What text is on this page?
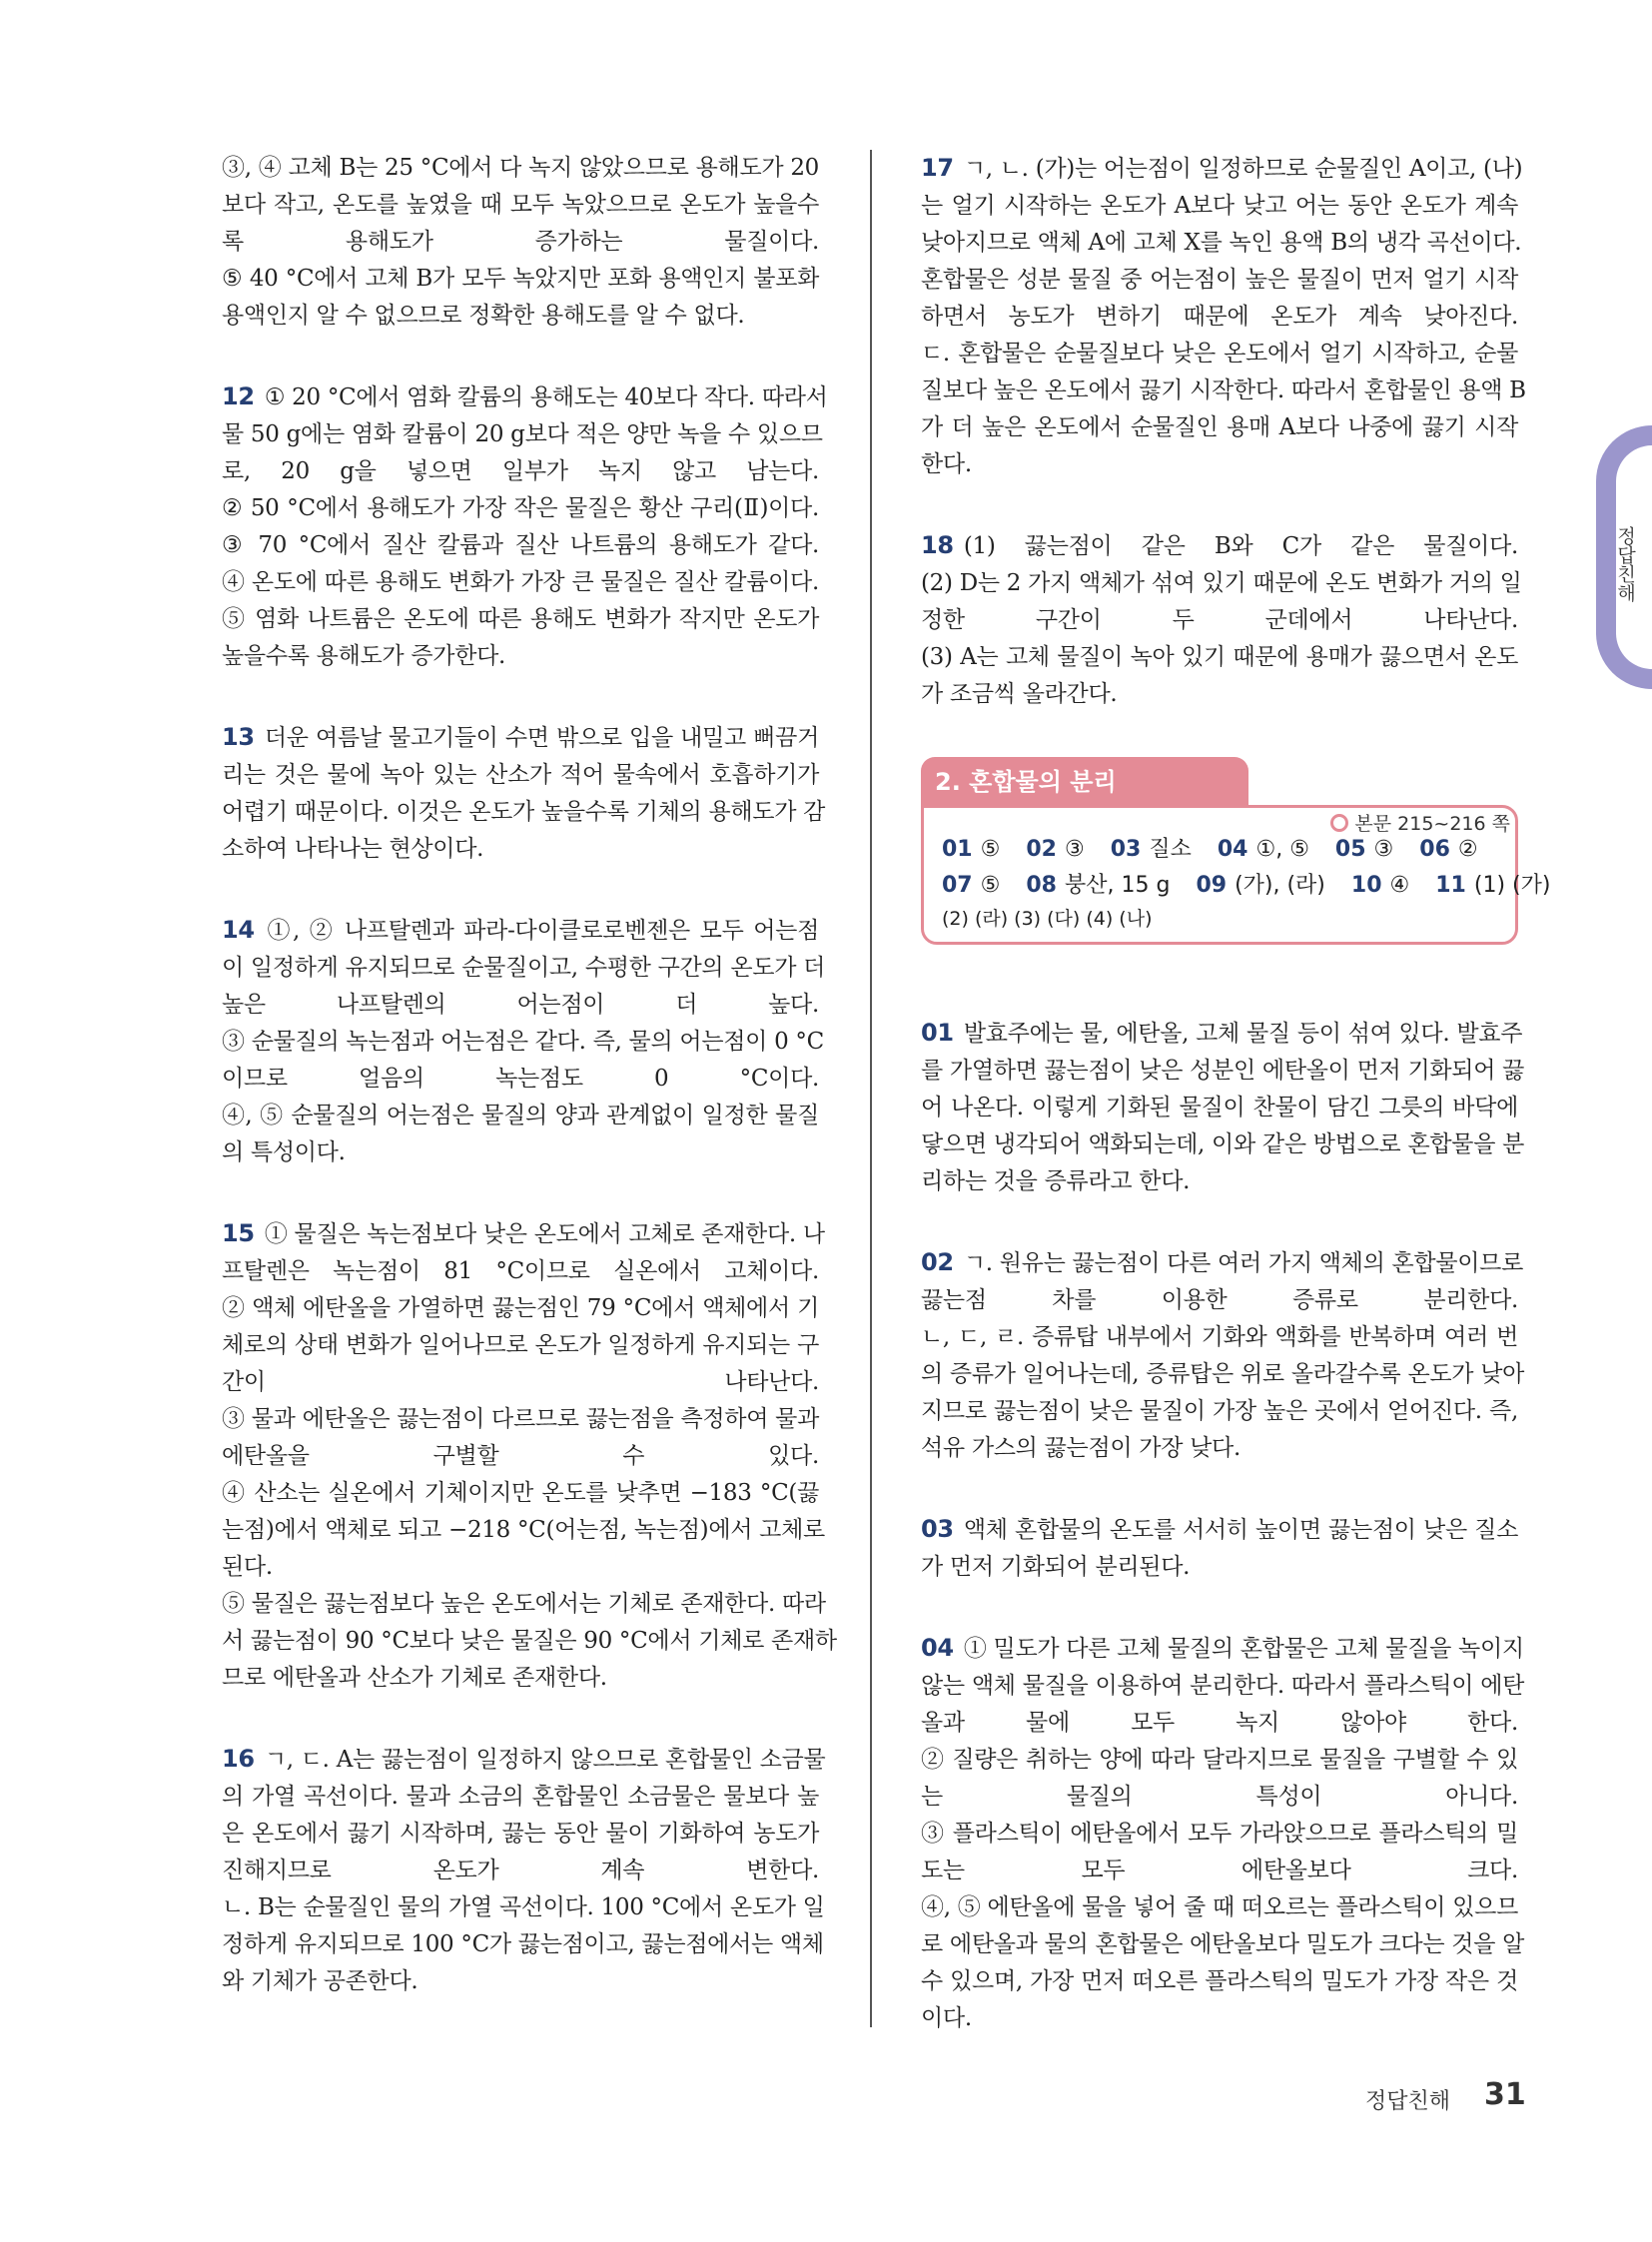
③, ④ 고체 B는 25 °C에서 다 녹지 않았으므로 용해도가 20
보다 작고, 온도를 높였을 때 모두 녹았으므로 온도가 높을수
록 용해도가 증가하는 물질이다.
⑤ 40 °C에서 고체 B가 모두 녹았지만 포화 용액인지 불포화
용액인지 알 수 없으므로 정확한 용해도를 알 수 없다.
12 ① 20 °C에서 염화 칼륨의 용해도는 40보다 작다. 따라서
물 50 g에는 염화 칼륨이 20 g보다 적은 양만 녹을 수 있으므
로, 20 g을 넣으면 일부가 녹지 않고 남는다.
② 50 °C에서 용해도가 가장 작은 물질은 황산 구리(Ⅱ)이다.
③ 70 °C에서 질산 칼륨과 질산 나트륨의 용해도가 같다.
④ 온도에 따른 용해도 변화가 가장 큰 물질은 질산 칼륨이다.
⑤ 염화 나트륨은 온도에 따른 용해도 변화가 작지만 온도가
높을수록 용해도가 증가한다.
13 더운 여름날 물고기들이 수면 밖으로 입을 내밀고 뻐끔거
리는 것은 물에 녹아 있는 산소가 적어 물속에서 호흡하기가
어렵기 때문이다. 이것은 온도가 높을수록 기체의 용해도가 감
소하여 나타나는 현상이다.
14 ①, ② 나프탈렌과 파라-다이클로로벤젠은 모두 어는점
이 일정하게 유지되므로 순물질이고, 수평한 구간의 온도가 더
높은 나프탈렌의 어는점이 더 높다.
③ 순물질의 녹는점과 어는점은 같다. 즉, 물의 어는점이 0 °C
이므로 얼음의 녹는점도 0 °C이다.
④, ⑤ 순물질의 어는점은 물질의 양과 관계없이 일정한 물질
의 특성이다.
15 ① 물질은 녹는점보다 낮은 온도에서 고체로 존재한다. 나
프탈렌은 녹는점이 81 °C이므로 실온에서 고체이다.
② 액체 에탄올을 가열하면 끓는점인 79 °C에서 액체에서 기
체로의 상태 변화가 일어나므로 온도가 일정하게 유지되는 구
간이 나타난다.
③ 물과 에탄올은 끓는점이 다르므로 끓는점을 측정하여 물과
에탄올을 구별할 수 있다.
④ 산소는 실온에서 기체이지만 온도를 낮추면 −183 °C(끓
는점)에서 액체로 되고 −218 °C(어는점, 녹는점)에서 고체로
된다.
⑤ 물질은 끓는점보다 높은 온도에서는 기체로 존재한다. 따라
서 끓는점이 90 °C보다 낮은 물질은 90 °C에서 기체로 존재하
므로 에탄올과 산소가 기체로 존재한다.
16 ㄱ, ㄷ. A는 끓는점이 일정하지 않으므로 혼합물인 소금물
의 가열 곡선이다. 물과 소금의 혼합물인 소금물은 물보다 높
은 온도에서 끓기 시작하며, 끓는 동안 물이 기화하여 농도가
진해지므로 온도가 계속 변한다.
ㄴ. B는 순물질인 물의 가열 곡선이다. 100 °C에서 온도가 일
정하게 유지되므로 100 °C가 끓는점이고, 끓는점에서는 액체
와 기체가 공존한다.
17 ㄱ, ㄴ. (가)는 어는점이 일정하므로 순물질인 A이고, (나)
는 얼기 시작하는 온도가 A보다 낮고 어는 동안 온도가 계속
낮아지므로 액체 A에 고체 X를 녹인 용액 B의 냉각 곡선이다.
혼합물은 성분 물질 중 어는점이 높은 물질이 먼저 얼기 시작
하면서 농도가 변하기 때문에 온도가 계속 낮아진다.
ㄷ. 혼합물은 순물질보다 낮은 온도에서 얼기 시작하고, 순물
질보다 높은 온도에서 끓기 시작한다. 따라서 혼합물인 용액 B
가 더 높은 온도에서 순물질인 용매 A보다 나중에 끓기 시작
한다.
18 (1) 끓는점이 같은 B와 C가 같은 물질이다.
(2) D는 2 가지 액체가 섞여 있기 때문에 온도 변화가 거의 일
정한 구간이 두 군데에서 나타난다.
(3) A는 고체 물질이 녹아 있기 때문에 용매가 끓으면서 온도
가 조금씩 올라간다.
2. 혼합물의 분리
본문 215~216 쪽
01 ⑤ 02 ③ 03 질소 04 ①, ⑤ 05 ③ 06 ②
07 ⑤ 08 붕산, 15 g 09 (가), (라) 10 ④ 11 (1) (가)
(2) (라) (3) (다) (4) (나)
01 발효주에는 물, 에탄올, 고체 물질 등이 섞여 있다. 발효주
를 가열하면 끓는점이 낮은 성분인 에탄올이 먼저 기화되어 끓
어 나온다. 이렇게 기화된 물질이 찬물이 담긴 그릇의 바닥에
닿으면 냉각되어 액화되는데, 이와 같은 방법으로 혼합물을 분
리하는 것을 증류라고 한다.
02 ㄱ. 원유는 끓는점이 다른 여러 가지 액체의 혼합물이므로
끓는점 차를 이용한 증류로 분리한다.
ㄴ, ㄷ, ㄹ. 증류탑 내부에서 기화와 액화를 반복하며 여러 번
의 증류가 일어나는데, 증류탑은 위로 올라갈수록 온도가 낮아
지므로 끓는점이 낮은 물질이 가장 높은 곳에서 얻어진다. 즉,
석유 가스의 끓는점이 가장 낮다.
03 액체 혼합물의 온도를 서서히 높이면 끓는점이 낮은 질소
가 먼저 기화되어 분리된다.
04 ① 밀도가 다른 고체 물질의 혼합물은 고체 물질을 녹이지
않는 액체 물질을 이용하여 분리한다. 따라서 플라스틱이 에탄
올과 물에 모두 녹지 않아야 한다.
② 질량은 취하는 양에 따라 달라지므로 물질을 구별할 수 있
는 물질의 특성이 아니다.
③ 플라스틱이 에탄올에서 모두 가라앉으므로 플라스틱의 밀
도는 모두 에탄올보다 크다.
④, ⑤ 에탄올에 물을 넣어 줄 때 떠오르는 플라스틱이 있으므
로 에탄올과 물의 혼합물은 에탄올보다 밀도가 크다는 것을 알
수 있으며, 가장 먼저 떠오른 플라스틱의 밀도가 가장 작은 것
이다.
정답친해
정답친해 31
